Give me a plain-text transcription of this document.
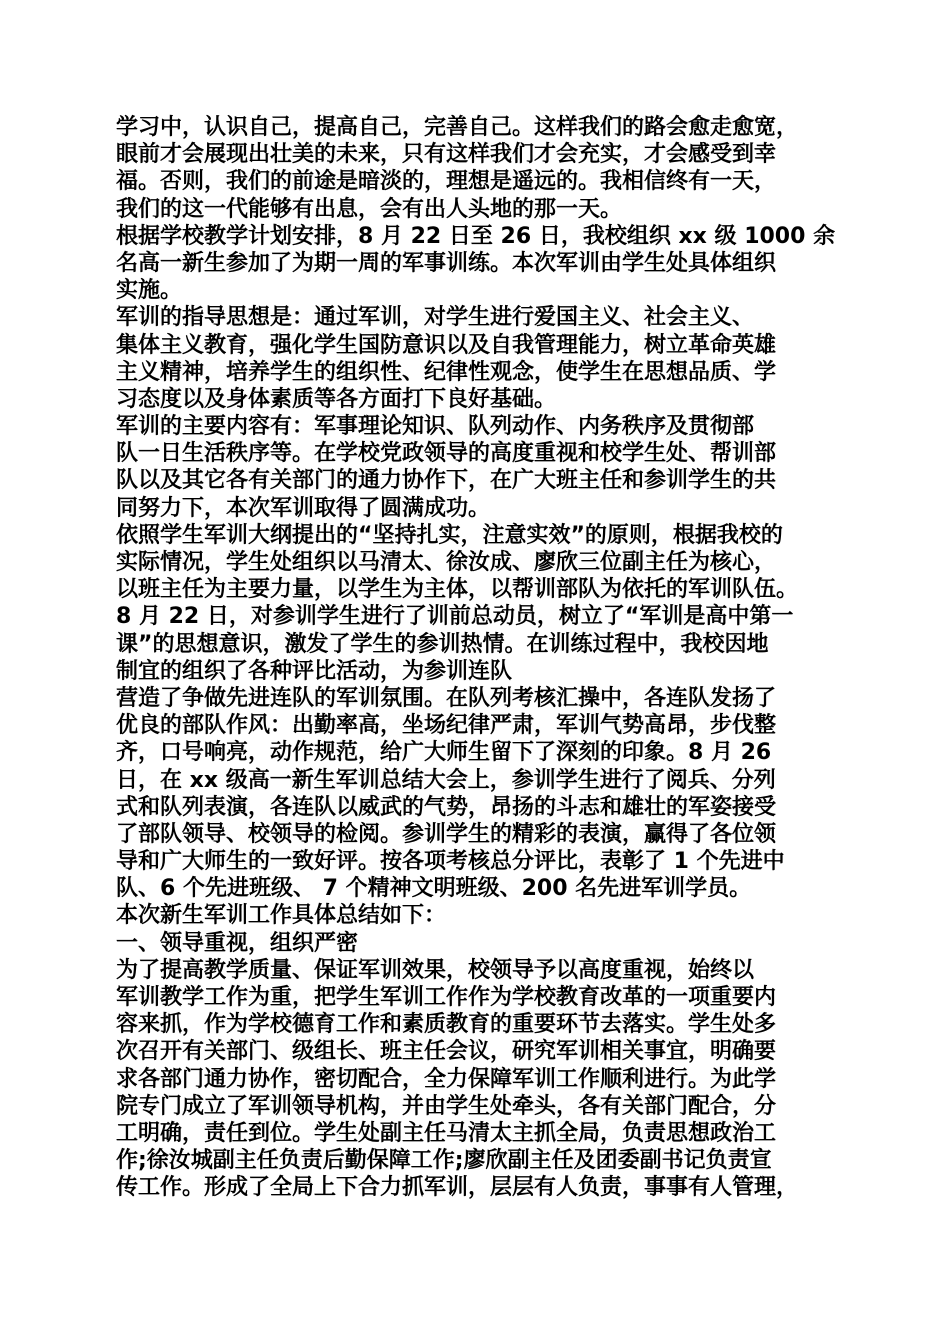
学习中，认识自己，提高自己，完善自己。这样我们的路会愈走愈宽，
眼前才会展现出壮美的未来，只有这样我们才会充实，才会感受到幸
福。否则，我们的前途是暗淡的，理想是遥远的。我相信终有一天，
我们的这一代能够有出息，会有出人头地的那一天。
根据学校教学计划安排，8 月 22 日至 26 日，我校组织 xx 级 1000 余
名高一新生参加了为期一周的军事训练。本次军训由学生处具体组织
实施。
军训的指导思想是：通过军训，对学生进行爱国主义、社会主义、
集体主义教育，强化学生国防意识以及自我管理能力，树立革命英雄
主义精神，培养学生的组织性、纪律性观念，使学生在思想品质、学
习态度以及身体素质等各方面打下良好基础。
军训的主要内容有：军事理论知识、队列动作、内务秩序及贯彻部
队一日生活秩序等。在学校党政领导的高度重视和校学生处、帮训部
队以及其它各有关部门的通力协作下，在广大班主任和参训学生的共
同努力下，本次军训取得了圆满成功。
依照学生军训大纲提出的“坚持扎实，注意实效”的原则，根据我校的
实际情况，学生处组织以马清太、徐汝成、廖欣三位副主任为核心，
以班主任为主要力量，以学生为主体，以帮训部队为依托的军训队伍。
8 月 22 日，对参训学生进行了训前总动员，树立了“军训是高中第一
课”的思想意识，激发了学生的参训热情。在训练过程中，我校因地
制宜的组织了各种评比活动，为参训连队
营造了争做先进连队的军训氛围。在队列考核汇操中，各连队发扬了
优良的部队作风：出勤率高，坐场纪律严肃，军训气势高昂，步伐整
齐，口号响亮，动作规范，给广大师生留下了深刻的印象。8 月 26
日，在 xx 级高一新生军训总结大会上，参训学生进行了阅兵、分列
式和队列表演，各连队以威武的气势，昂扬的斗志和雄壮的军姿接受
了部队领导、校领导的检阅。参训学生的精彩的表演，赢得了各位领
导和广大师生的一致好评。按各项考核总分评比，表彰了 1 个先进中
队、6 个先进班级、 7 个精神文明班级、200 名先进军训学员。
本次新生军训工作具体总结如下：
一、领导重视，组织严密
为了提高教学质量、保证军训效果，校领导予以高度重视，始终以
军训教学工作为重，把学生军训工作作为学校教育改革的一项重要内
容来抓，作为学校德育工作和素质教育的重要环节去落实。学生处多
次召开有关部门、级组长、班主任会议，研究军训相关事宜，明确要
求各部门通力协作，密切配合，全力保障军训工作顺利进行。为此学
院专门成立了军训领导机构，并由学生处牵头，各有关部门配合，分
工明确，责任到位。学生处副主任马清太主抓全局，负责思想政治工
作;徐汝城副主任负责后勤保障工作;廖欣副主任及团委副书记负责宣
传工作。形成了全局上下合力抓军训，层层有人负责，事事有人管理，
